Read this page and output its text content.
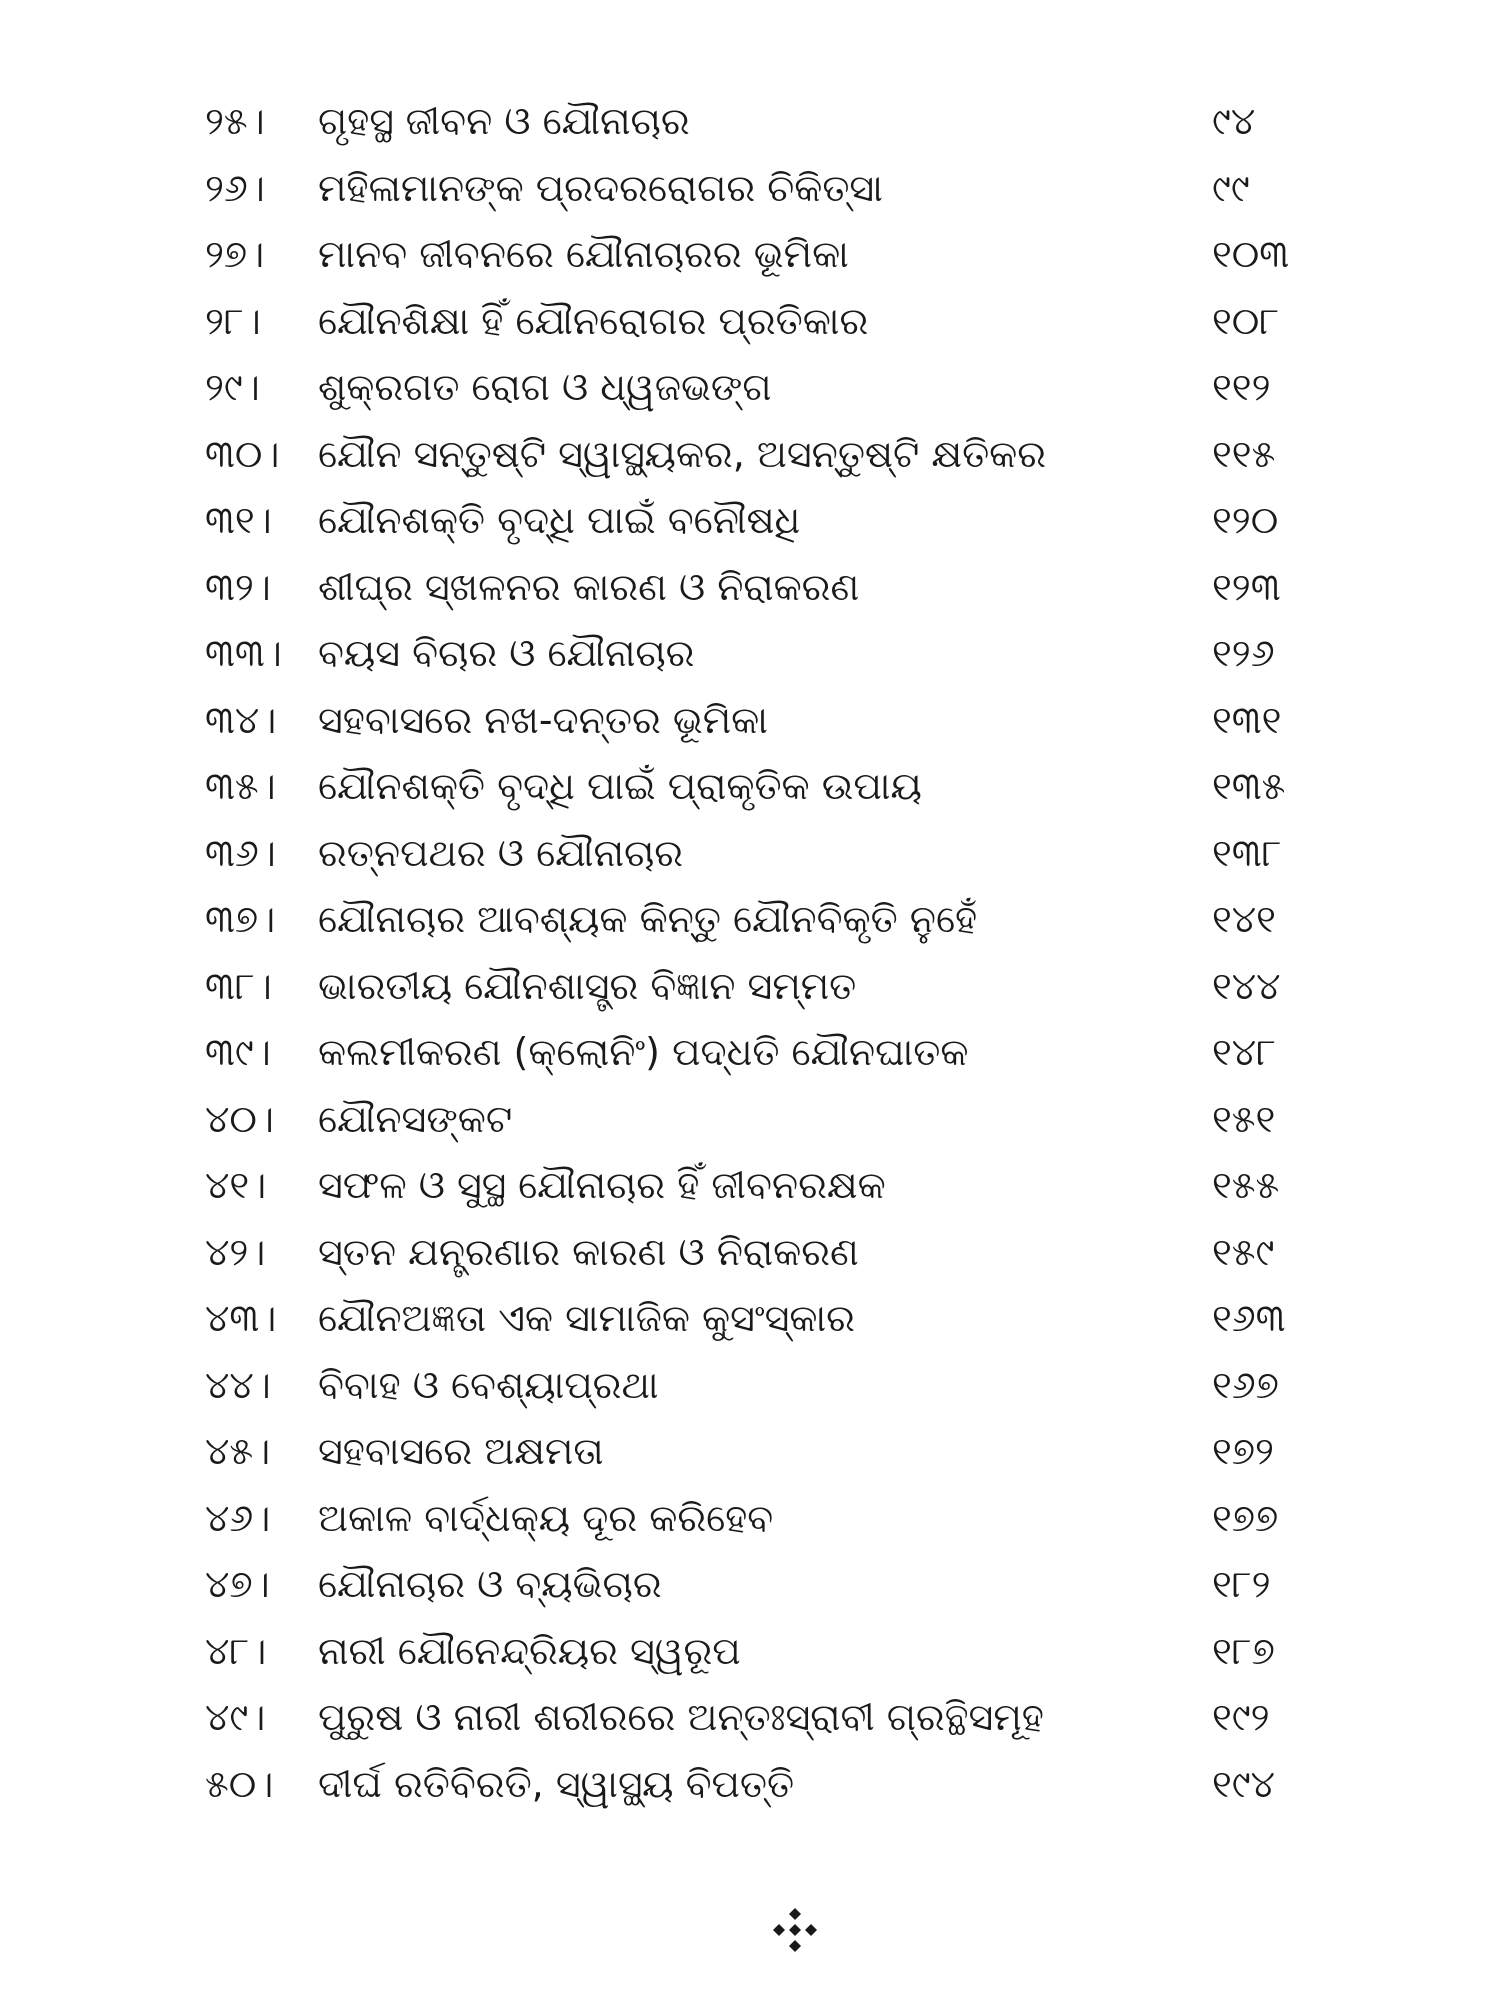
୨୫। ଗୃହସ୍ଥ ଜୀବନ ଓ ଯୌନାଚାର	୯୪
୨୬। ମହିଳାମାନଙ୍କ ପ୍ରଦରରୋଗର ଚିକିତ୍ସା	୯୯
୨୭। ମାନବ ଜୀବନରେ ଯୌନାଚାରର ଭୂମିକା	୧୦୩
୨୮। ଯୌନଶିକ୍ଷା ହିଁ ଯୌନରୋଗର ପ୍ରତିକାର	୧୦୮
୨୯। ଶୁକ୍ରଗତ ରୋଗ ଓ ଧ୍ୱଜଭଙ୍ଗ	୧୧୨
୩୦। ଯୌନ ସନ୍ତୁଷ୍ଟି ସ୍ୱାସ୍ଥ୍ୟକର, ଅସନ୍ତୁଷ୍ଟି କ୍ଷତିକର	୧୧୫
୩୧। ଯୌନଶକ୍ତି ବୃଦ୍ଧି ପାଇଁ ବନୌଷଧି	୧୨୦
୩୨। ଶୀଘ୍ର ସ୍ଖଳନର କାରଣ ଓ ନିରାକରଣ	୧୨୩
୩୩। ବୟସ ବିଚାର ଓ ଯୌନାଚାର	୧୨୬
୩୪। ସହବାସରେ ନଖ-ଦନ୍ତର ଭୂମିକା	୧୩୧
୩୫। ଯୌନଶକ୍ତି ବୃଦ୍ଧି ପାଇଁ ପ୍ରାକୃତିକ ଉପାୟ	୧୩୫
୩୬। ରତ୍ନପଥର ଓ ଯୌନାଚାର	୧୩୮
୩୭। ଯୌନାଚାର ଆବଶ୍ୟକ କିନ୍ତୁ ଯୌନବିକୃତି ନୁହେଁ	୧୪୧
୩୮। ଭାରତୀୟ ଯୌନଶାସ୍ତ୍ର ବିଜ୍ଞାନ ସମ୍ମତ	୧୪୪
୩୯। କଲମୀକରଣ (କ୍ଲୋନିଂ) ପଦ୍ଧତି ଯୌନଘାତକ	୧୪୮
୪୦। ଯୌନସଙ୍କଟ	୧୫୧
୪୧। ସଫଳ ଓ ସୁସ୍ଥ ଯୌନାଚାର ହିଁ ଜୀବନରକ୍ଷକ	୧୫୫
୪୨। ସ୍ତନ ଯନ୍ତ୍ରଣାର କାରଣ ଓ ନିରାକରଣ	୧୫୯
୪୩। ଯୌନଅଜ୍ଞତା ଏକ ସାମାଜିକ କୁସଂସ୍କାର	୧୬୩
୪୪। ବିବାହ ଓ ବେଶ୍ୟାପ୍ରଥା	୧୬୭
୪୫। ସହବାସରେ ଅକ୍ଷମତା	୧୭୨
୪୬। ଅକାଳ ବାର୍ଦ୍ଧକ୍ୟ ଦୂର କରିହେବ	୧୭୭
୪୭। ଯୌନାଚାର ଓ ବ୍ୟଭିଚାର	୧୮୨
୪୮। ନାରୀ ଯୌନେନ୍ଦ୍ରିୟର ସ୍ୱରୂପ	୧୮୭
୪୯। ପୁରୁଷ ଓ ନାରୀ ଶରୀରରେ ଅନ୍ତଃସ୍ରାବୀ ଗ୍ରନ୍ଥିସମୂହ	୧୯୨
୫୦। ଦୀର୍ଘ ରତିବିରତି, ସ୍ୱାସ୍ଥ୍ୟ ବିପତ୍ତି	୧୯୪
